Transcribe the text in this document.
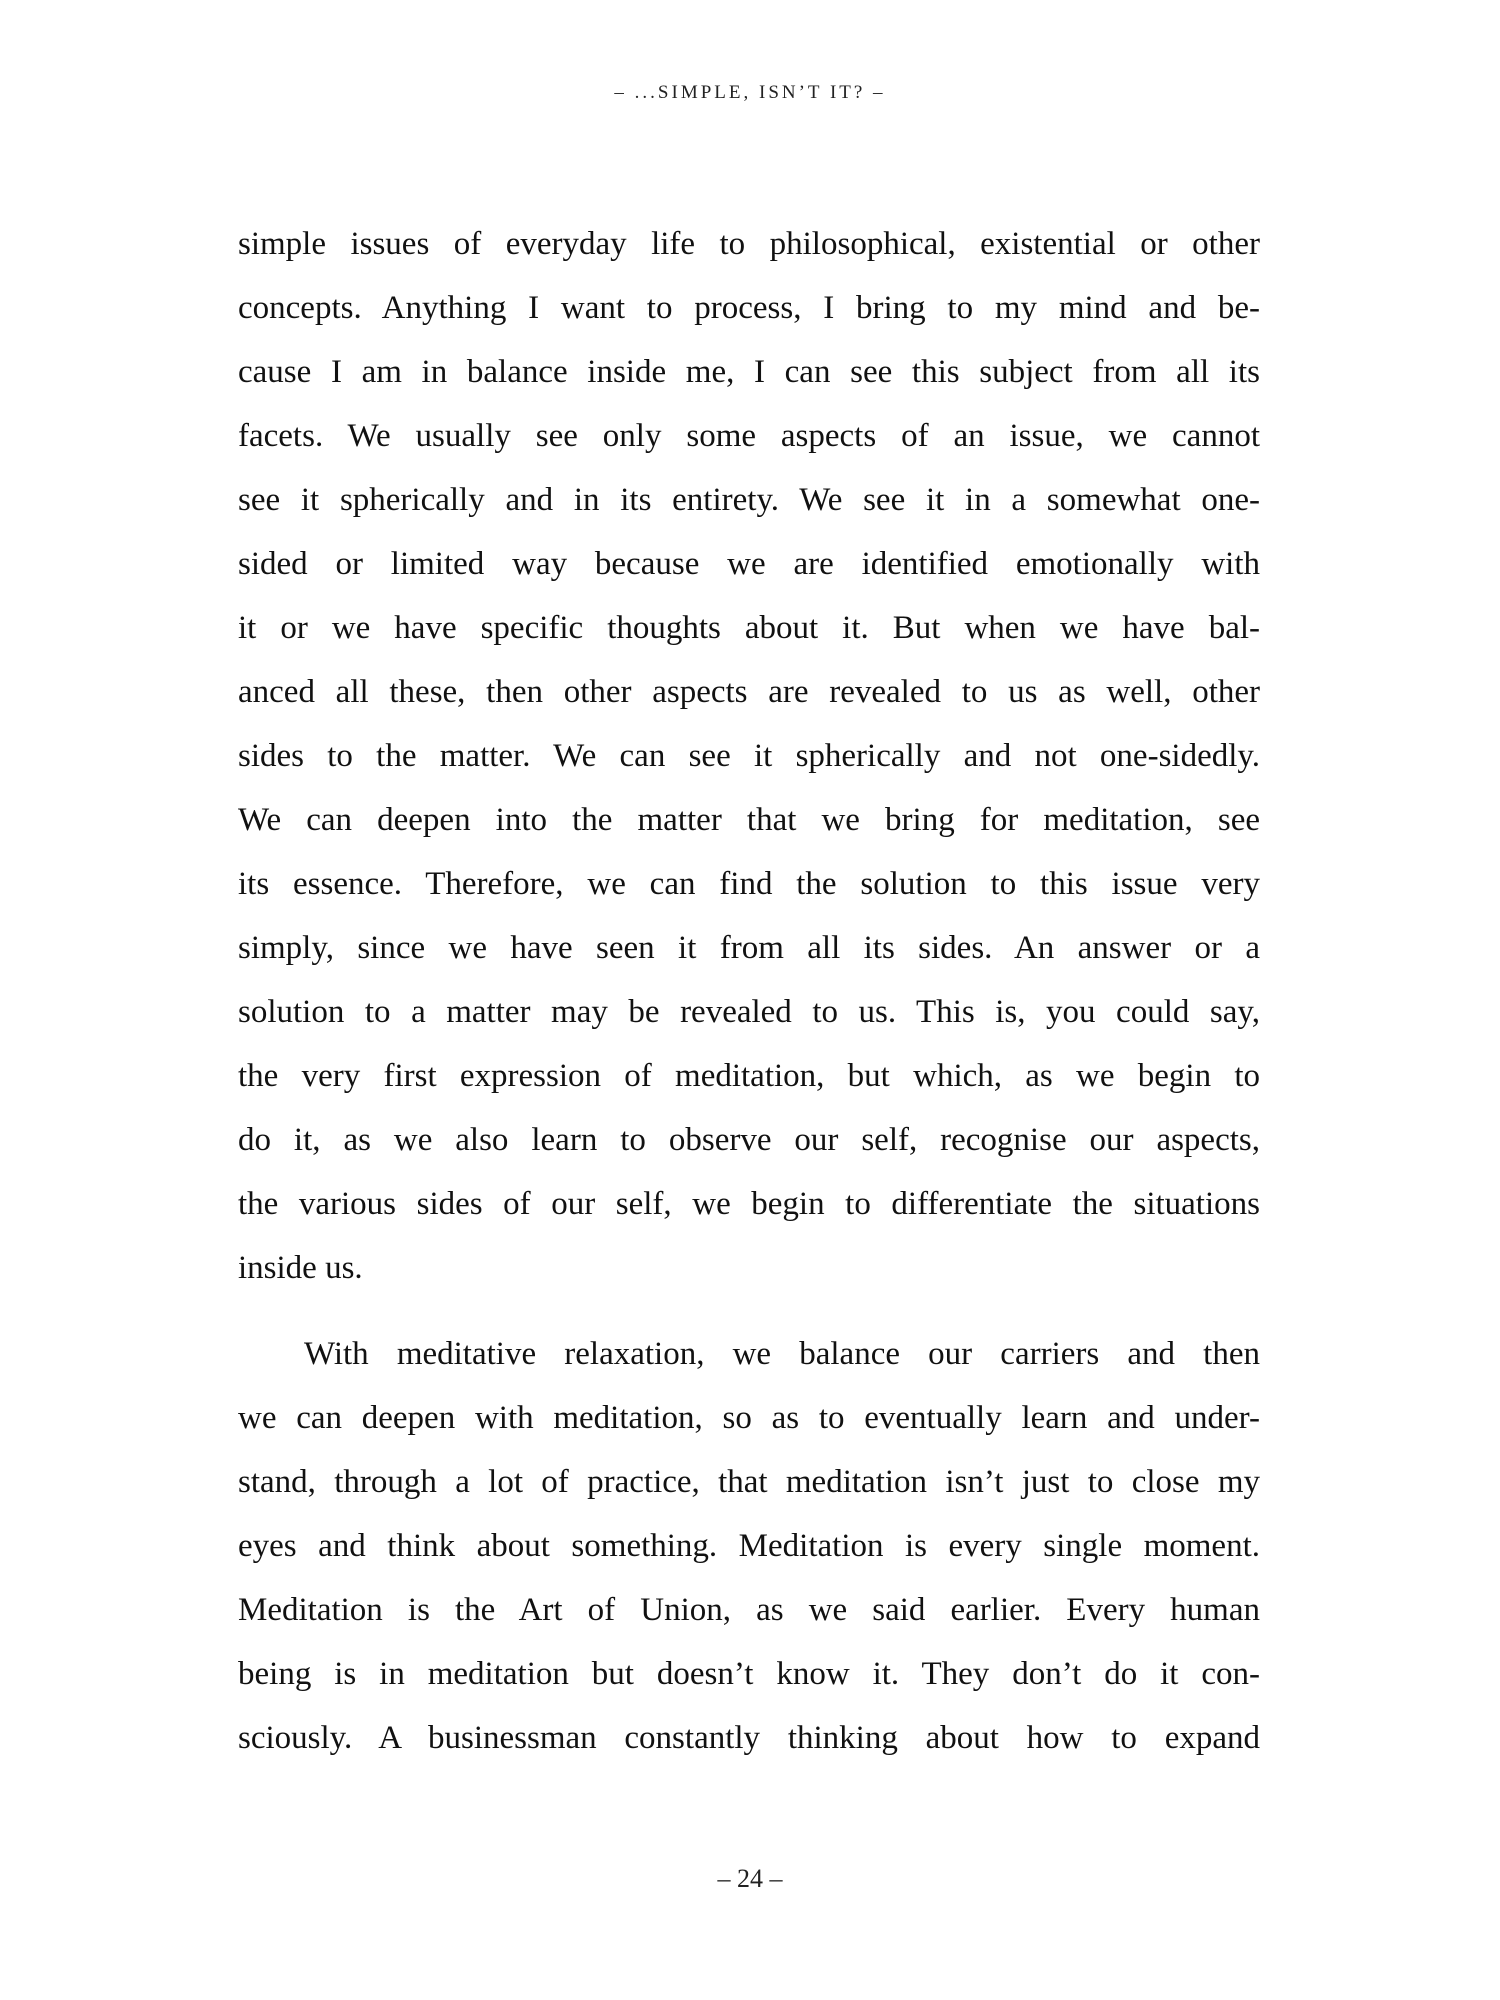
– ...SIMPLE, ISN’T IT? –
simple issues of everyday life to philosophical, existential or other
concepts. Anything I want to process, I bring to my mind and be-
cause I am in balance inside me, I can see this subject from all its
facets. We usually see only some aspects of an issue, we cannot
see it spherically and in its entirety. We see it in a somewhat one-
sided or limited way because we are identified emotionally with
it or we have specific thoughts about it. But when we have bal-
anced all these, then other aspects are revealed to us as well, other
sides to the matter. We can see it spherically and not one-sidedly.
We can deepen into the matter that we bring for meditation, see
its essence. Therefore, we can find the solution to this issue very
simply, since we have seen it from all its sides. An answer or a
solution to a matter may be revealed to us. This is, you could say,
the very first expression of meditation, but which, as we begin to
do it, as we also learn to observe our self, recognise our aspects,
the various sides of our self, we begin to differentiate the situations
inside us.
With meditative relaxation, we balance our carriers and then
we can deepen with meditation, so as to eventually learn and under-
stand, through a lot of practice, that meditation isn’t just to close my
eyes and think about something. Meditation is every single moment.
Meditation is the Art of Union, as we said earlier. Every human
being is in meditation but doesn’t know it. They don’t do it con-
sciously. A businessman constantly thinking about how to expand
– 24 –
